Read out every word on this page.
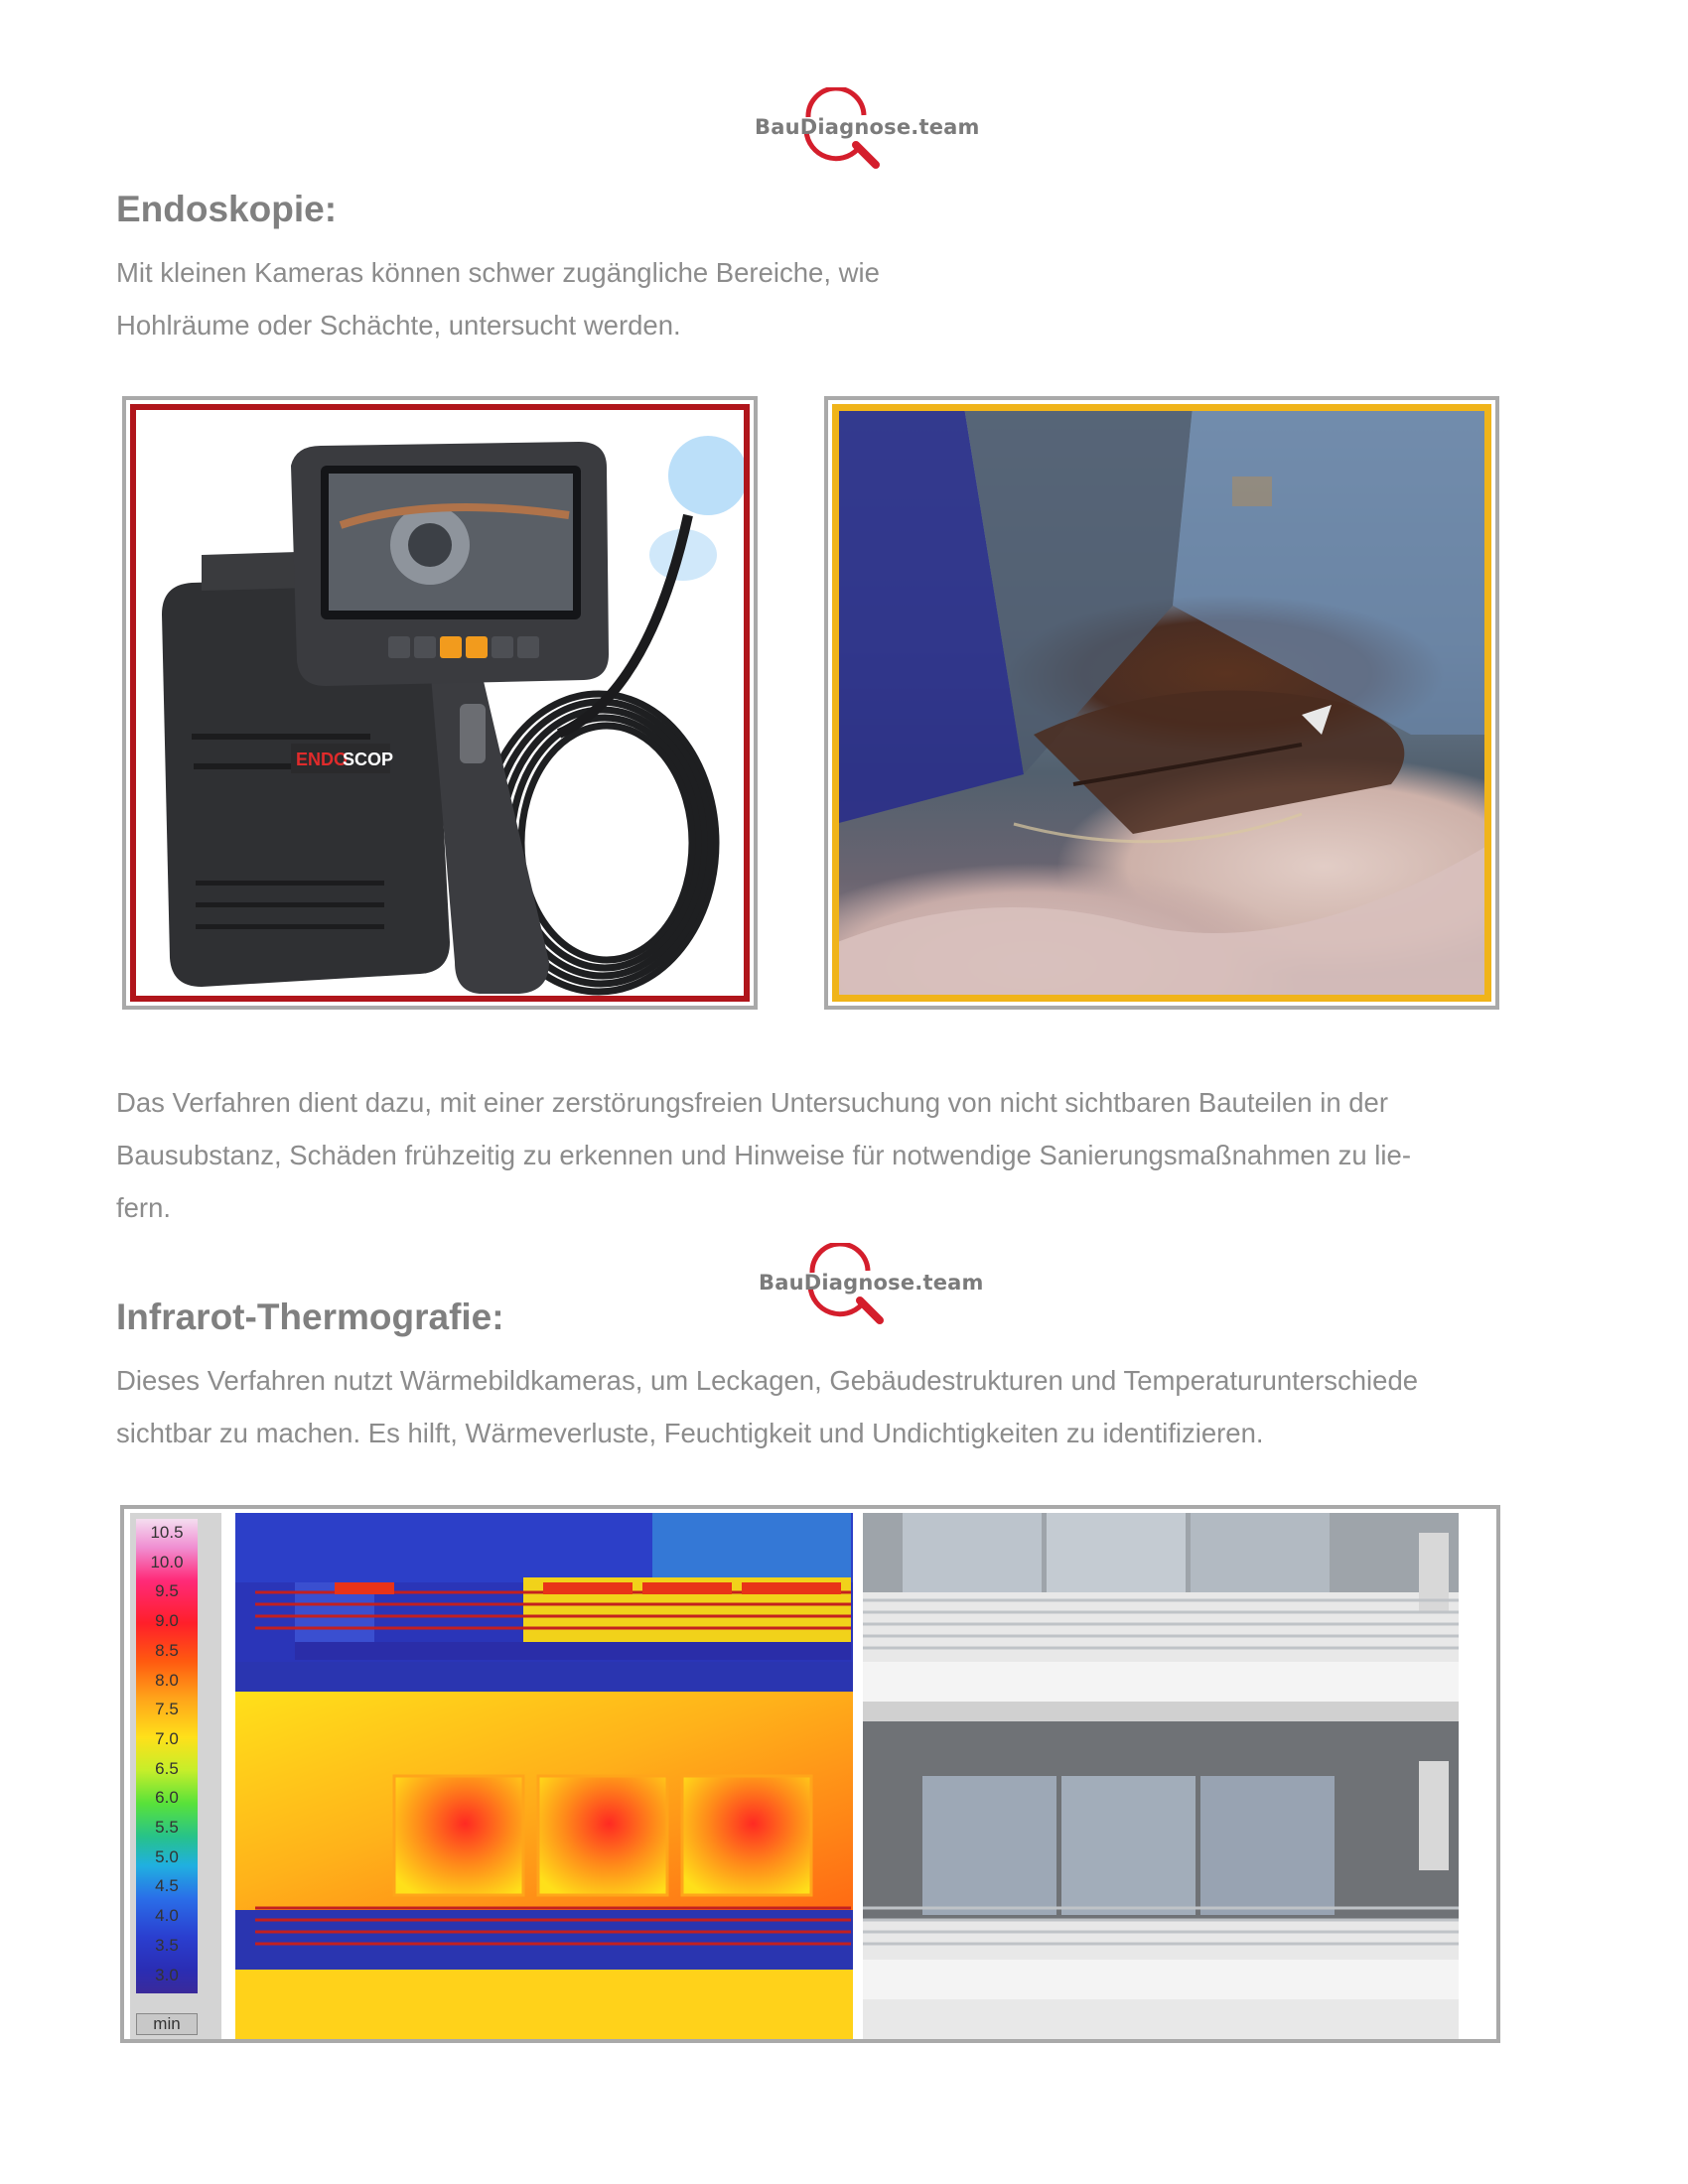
BauDiagnose.team
Endoskopie:
Mit kleinen Kameras können schwer zugängliche Bereiche, wie
Hohlräume oder Schächte, untersucht werden.
ENDO
SCOP
Das Verfahren dient dazu, mit einer zerstörungsfreien Untersuchung von nicht sichtbaren Bauteilen in der
Bausubstanz, Schäden frühzeitig zu erkennen und Hinweise für notwendige Sanierungsmaßnahmen zu lie-
fern.
BauDiagnose.team
Infrarot-Thermografie:
Dieses Verfahren nutzt Wärmebildkameras, um Leckagen, Gebäudestrukturen und Temperaturunterschiede
sichtbar zu machen. Es hilft, Wärmeverluste, Feuchtigkeit und Undichtigkeiten zu identifizieren.
10.5
10.0
9.5
9.0
8.5
8.0
7.5
7.0
6.5
6.0
5.5
5.0
4.5
4.0
3.5
3.0
min
